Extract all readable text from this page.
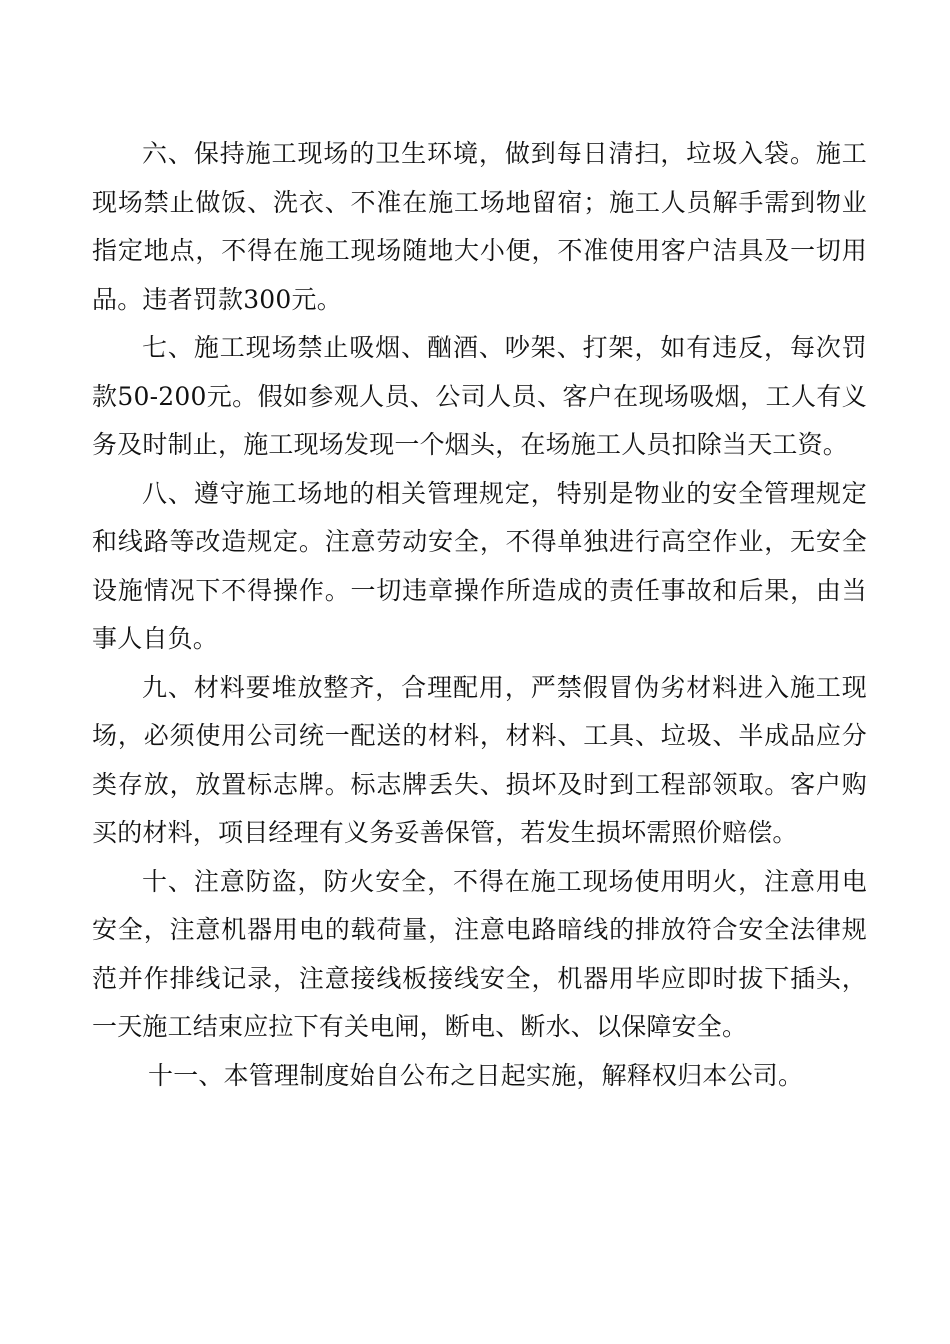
六、保持施工现场的卫生环境，做到每日清扫，垃圾入袋。施工现场禁止做饭、洗衣、不准在施工场地留宿；施工人员解手需到物业指定地点，不得在施工现场随地大小便，不准使用客户洁具及一切用品。违者罚款300元。

七、施工现场禁止吸烟、酗酒、吵架、打架，如有违反，每次罚款50-200元。假如参观人员、公司人员、客户在现场吸烟，工人有义务及时制止，施工现场发现一个烟头，在场施工人员扣除当天工资。

八、遵守施工场地的相关管理规定，特别是物业的安全管理规定和线路等改造规定。注意劳动安全，不得单独进行高空作业，无安全设施情况下不得操作。一切违章操作所造成的责任事故和后果，由当事人自负。

九、材料要堆放整齐，合理配用，严禁假冒伪劣材料进入施工现场，必须使用公司统一配送的材料，材料、工具、垃圾、半成品应分类存放，放置标志牌。标志牌丢失、损坏及时到工程部领取。客户购买的材料，项目经理有义务妥善保管，若发生损坏需照价赔偿。

十、注意防盗，防火安全，不得在施工现场使用明火，注意用电安全，注意机器用电的载荷量，注意电路暗线的排放符合安全法律规范并作排线记录，注意接线板接线安全，机器用毕应即时拔下插头，一天施工结束应拉下有关电闸，断电、断水、以保障安全。

十一、本管理制度始自公布之日起实施，解释权归本公司。
